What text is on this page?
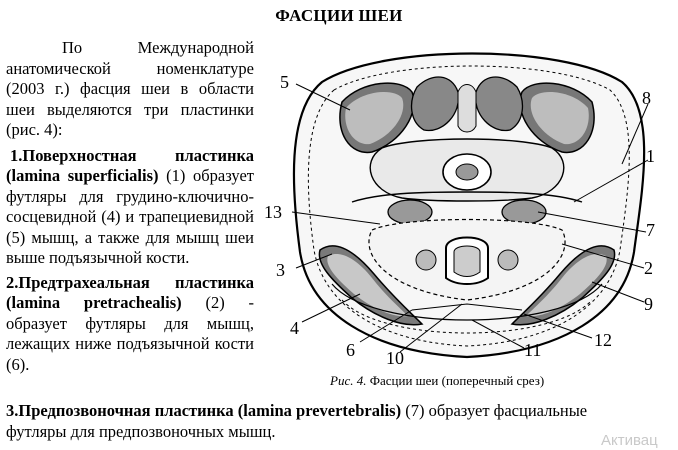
ФАСЦИИ ШЕИ

По Международной анатомической номенклатуре (2003 г.) фасция шеи в области шеи выделяются три пластинки (рис. 4):

1.Поверхностная пластинка (lamina superficialis) (1) образует футляры для грудино-ключично-сосцевидной (4) и трапециевидной (5) мышц, а также для мышц шеи выше подъязычной кости.

2.Предтрахеальная пластинка (lamina pretrachealis) (2) - образует футляры для мышц, лежащих ниже подъязычной кости (6).

3.Предпозвоночная пластинка (lamina prevertebralis) (7) образует фасциальные футляры для предпозвоночных мышц.

5
8
1
13
7
3	2
9
4
6 10	11	12
Рис. 4. Фасции шеи (поперечный срез)
Активац
